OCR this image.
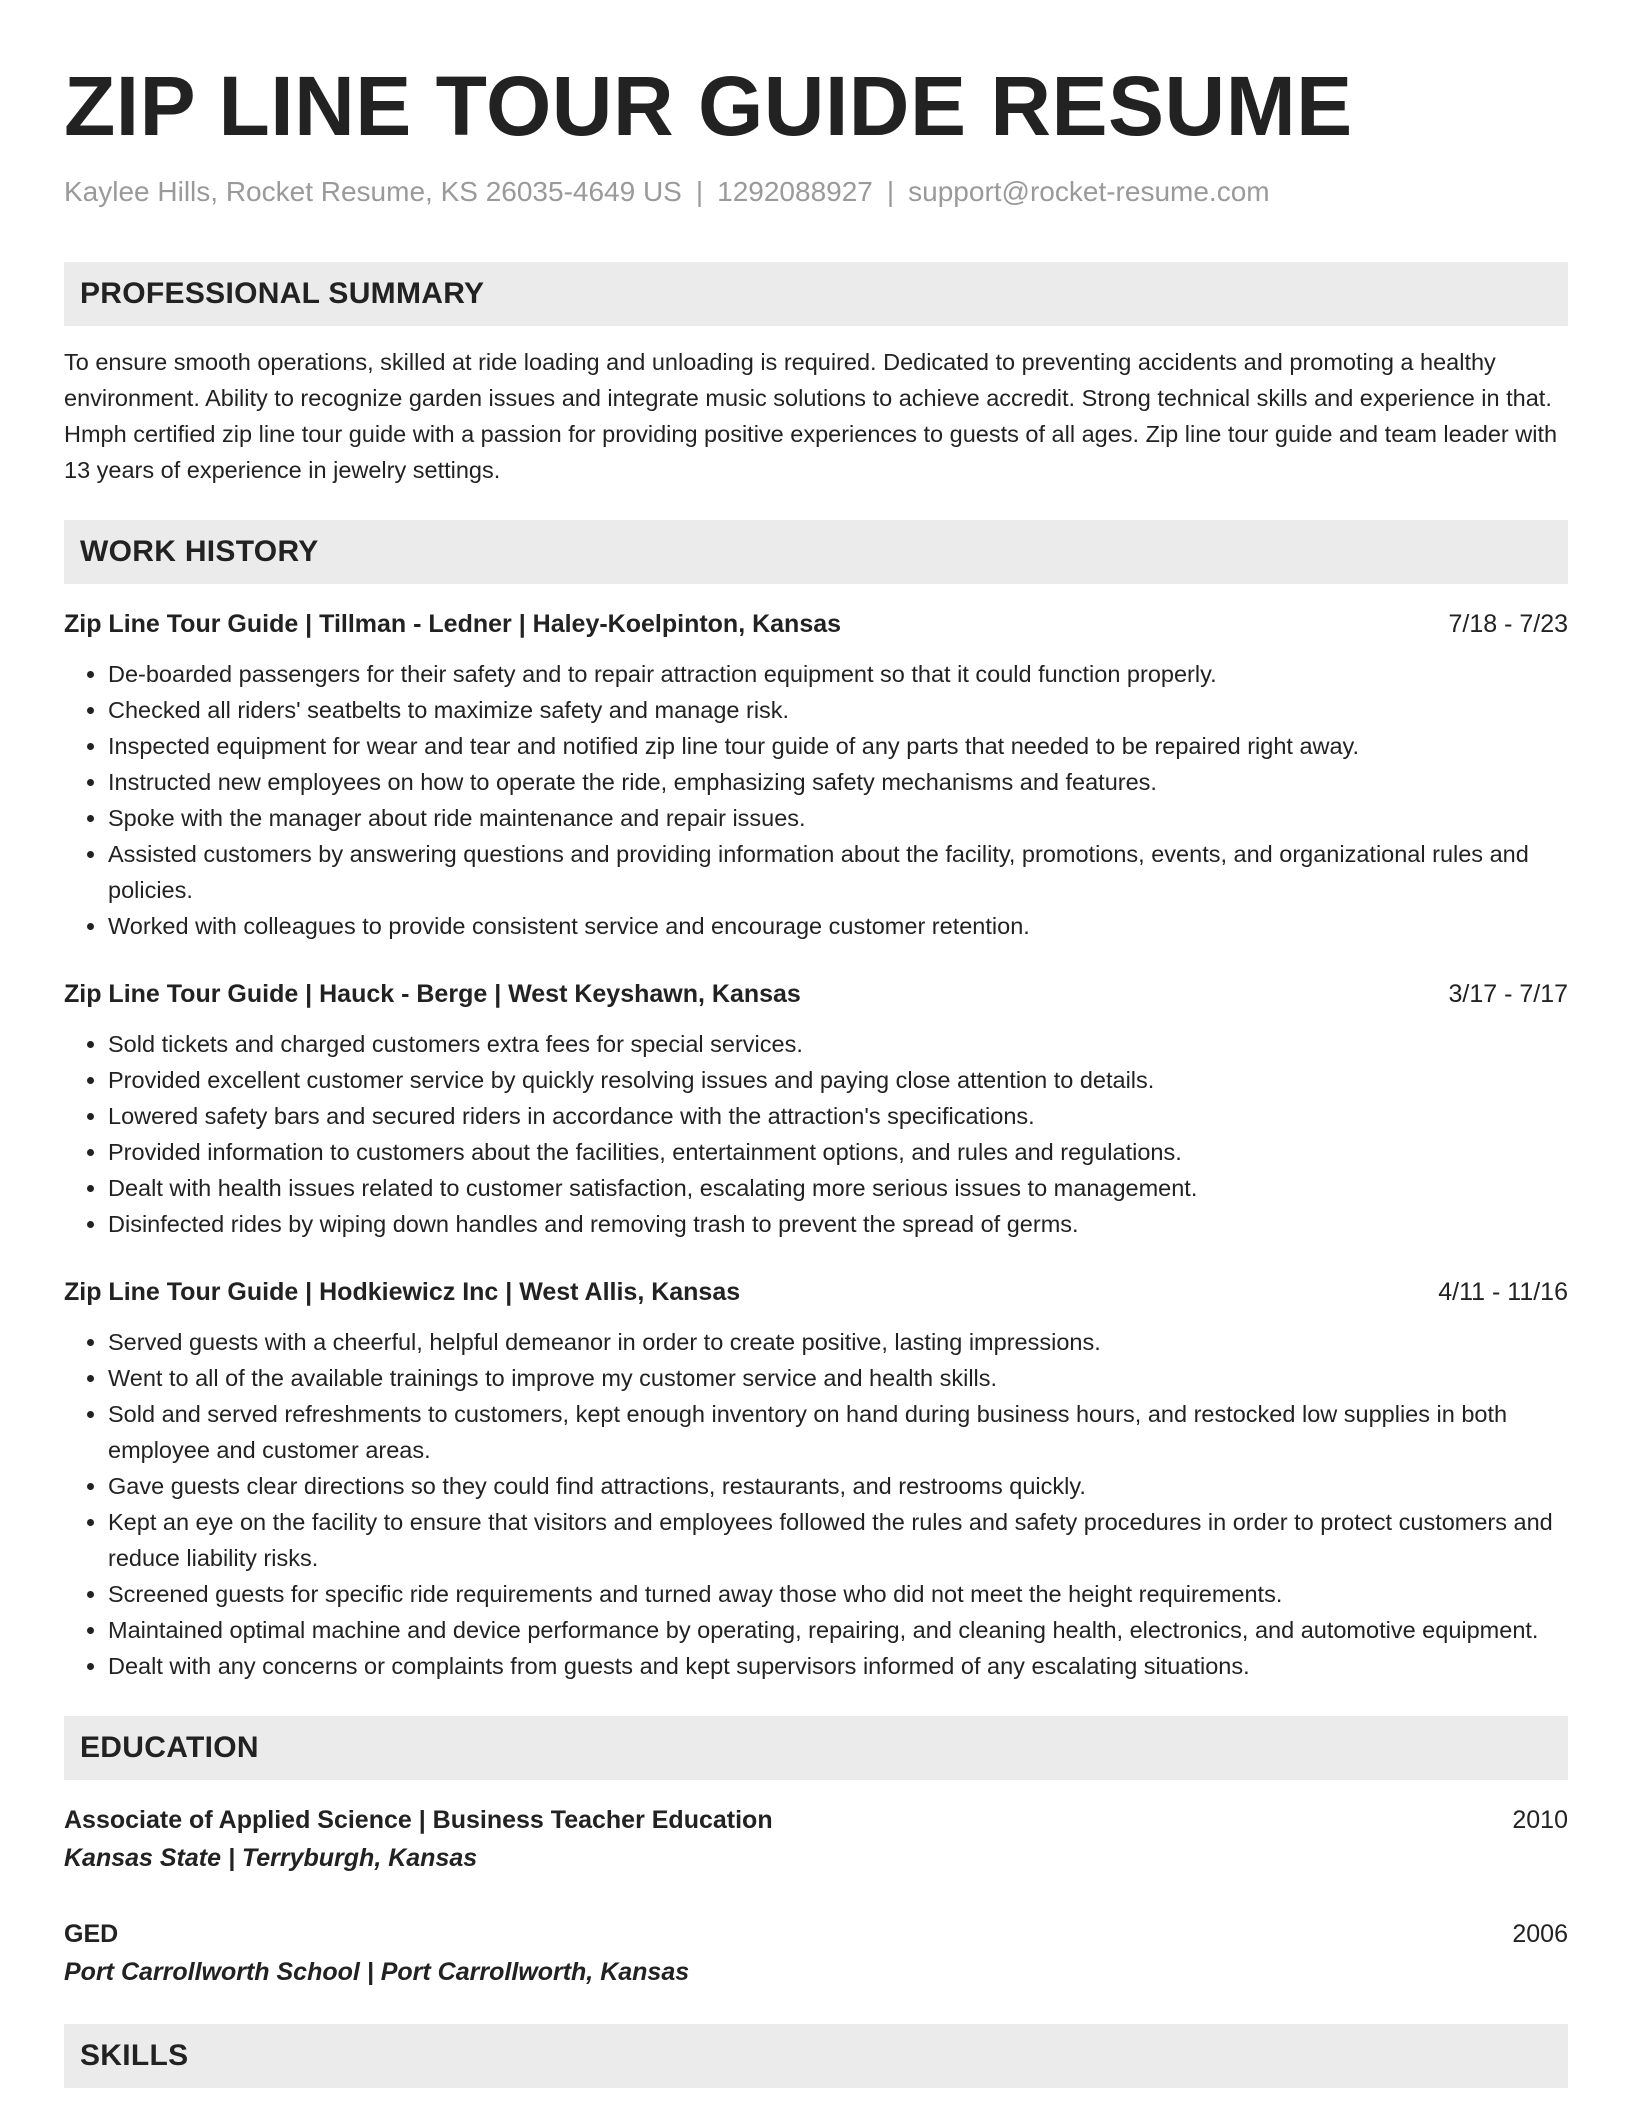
ZIP LINE TOUR GUIDE RESUME
Kaylee Hills, Rocket Resume, KS 26035-4649 US | 1292088927 | support@rocket-resume.com
PROFESSIONAL SUMMARY

To ensure smooth operations, skilled at ride loading and unloading is required. Dedicated to preventing accidents and promoting a healthy environment. Ability to recognize garden issues and integrate music solutions to achieve accredit. Strong technical skills and experience in that. Hmph certified zip line tour guide with a passion for providing positive experiences to guests of all ages. Zip line tour guide and team leader with 13 years of experience in jewelry settings.

WORK HISTORY
Zip Line Tour Guide | Tillman - Ledner | Haley-Koelpinton, Kansas	7/18 - 7/23
• De-boarded passengers for their safety and to repair attraction equipment so that it could function properly.
• Checked all riders' seatbelts to maximize safety and manage risk.
• Inspected equipment for wear and tear and notified zip line tour guide of any parts that needed to be repaired right away.
• Instructed new employees on how to operate the ride, emphasizing safety mechanisms and features.
• Spoke with the manager about ride maintenance and repair issues.
• Assisted customers by answering questions and providing information about the facility, promotions, events, and organizational rules and policies.
• Worked with colleagues to provide consistent service and encourage customer retention.
Zip Line Tour Guide | Hauck - Berge | West Keyshawn, Kansas	3/17 - 7/17
• Sold tickets and charged customers extra fees for special services.
• Provided excellent customer service by quickly resolving issues and paying close attention to details.
• Lowered safety bars and secured riders in accordance with the attraction's specifications.
• Provided information to customers about the facilities, entertainment options, and rules and regulations.
• Dealt with health issues related to customer satisfaction, escalating more serious issues to management.
• Disinfected rides by wiping down handles and removing trash to prevent the spread of germs.
Zip Line Tour Guide | Hodkiewicz Inc | West Allis, Kansas	4/11 - 11/16
• Served guests with a cheerful, helpful demeanor in order to create positive, lasting impressions.
• Went to all of the available trainings to improve my customer service and health skills.
• Sold and served refreshments to customers, kept enough inventory on hand during business hours, and restocked low supplies in both employee and customer areas.
• Gave guests clear directions so they could find attractions, restaurants, and restrooms quickly.
• Kept an eye on the facility to ensure that visitors and employees followed the rules and safety procedures in order to protect customers and reduce liability risks.
• Screened guests for specific ride requirements and turned away those who did not meet the height requirements.
• Maintained optimal machine and device performance by operating, repairing, and cleaning health, electronics, and automotive equipment.
• Dealt with any concerns or complaints from guests and kept supervisors informed of any escalating situations.
EDUCATION
Associate of Applied Science | Business Teacher Education	2010
Kansas State | Terryburgh, Kansas
GED	2006
Port Carrollworth School | Port Carrollworth, Kansas
SKILLS
